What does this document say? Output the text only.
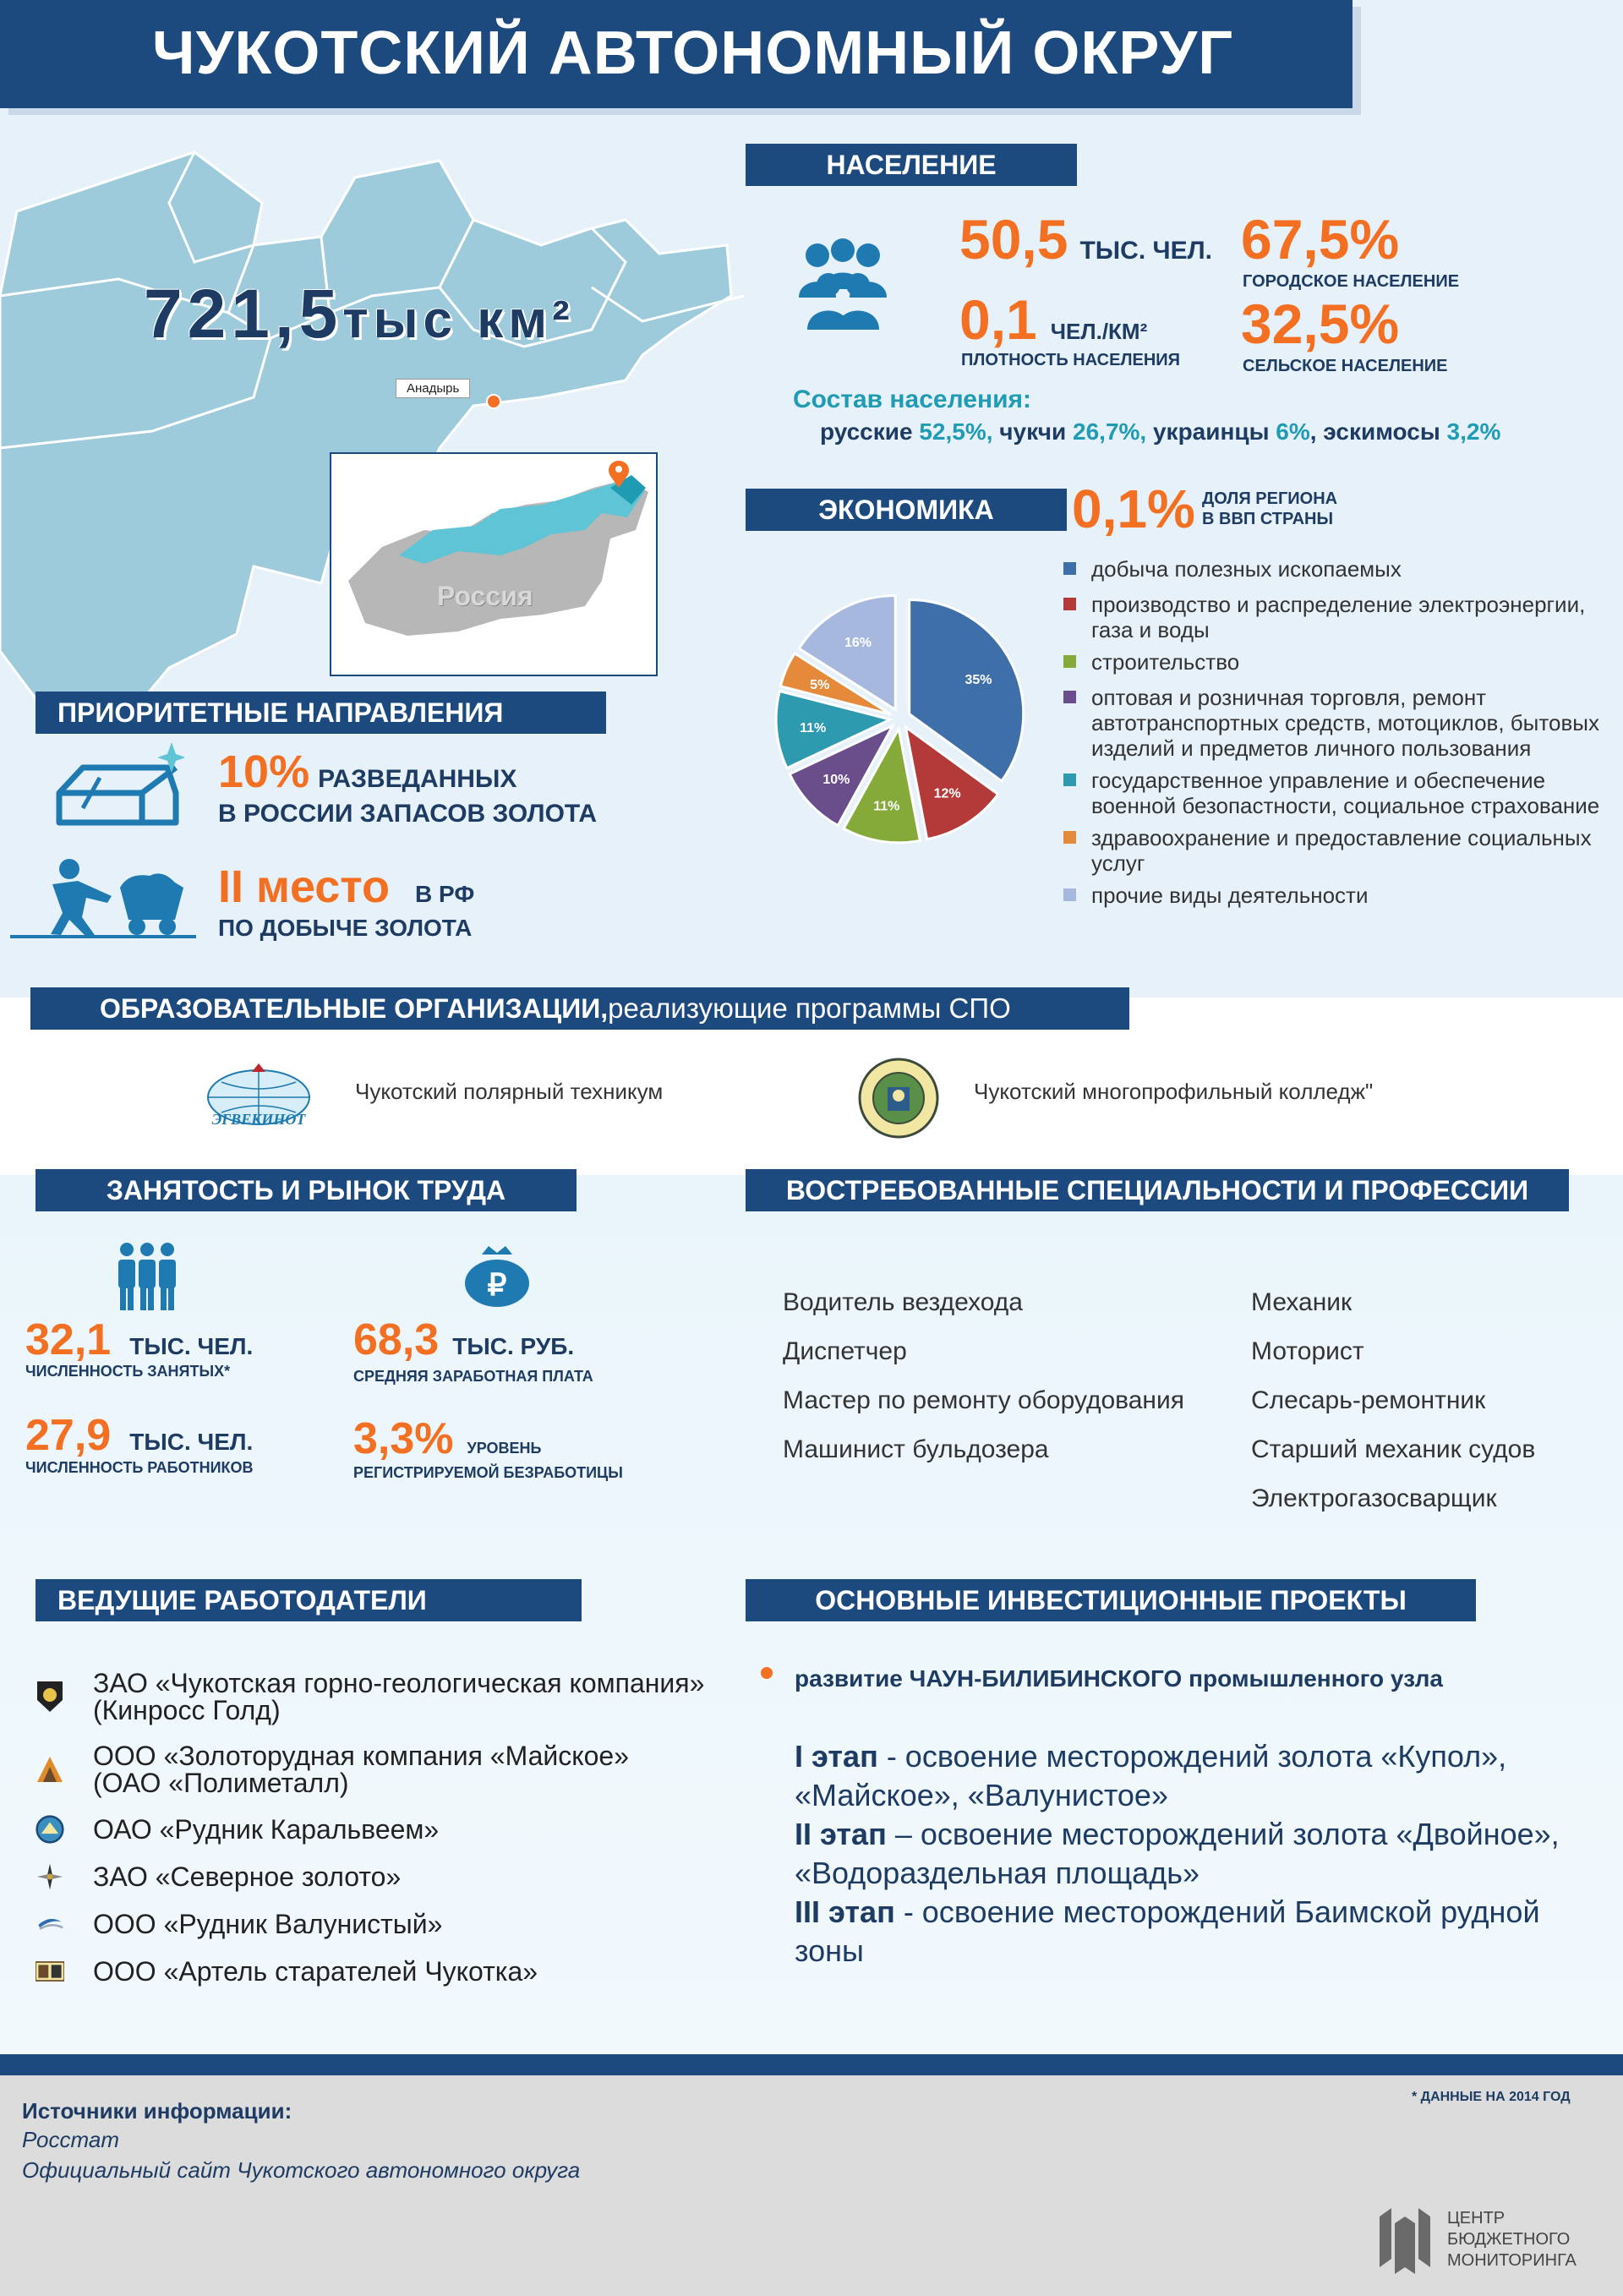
ЧУКОТСКИЙ АВТОНОМНЫЙ ОКРУГ
Анадырь
721,5тыс км²
Россия
НАСЕЛЕНИЕ
50,5 ТЫС. ЧЕЛ.
0,1 ЧЕЛ./КМ²
ПЛОТНОСТЬ НАСЕЛЕНИЯ
67,5%
ГОРОДСКОЕ НАСЕЛЕНИЕ
32,5%
СЕЛЬСКОЕ НАСЕЛЕНИЕ
Состав населения:
русские 52,5%, чукчи 26,7%, украинцы 6%, эскимосы 3,2%
ЭКОНОМИКА	0,1% ДОЛЯ РЕГИОНА
В ВВП СТРАНЫ
35%
12%
11%
10%
11%
5%
16%
добыча полезных ископаемых
производство и распределение электроэнергии, газа и воды
строительство
оптовая и розничная торговля, ремонт автотранспортных средств, мотоциклов, бытовых изделий и предметов личного пользования
государственное управление и обеспечение военной безопастности, социальное страхование
здравоохранение и предоставление социальных услуг
прочие виды деятельности
ПРИОРИТЕТНЫЕ НАПРАВЛЕНИЯ
10% РАЗВЕДАННЫХ
В РОССИИ ЗАПАСОВ ЗОЛОТА
II место В РФ
ПО ДОБЫЧЕ ЗОЛОТА
ОБРАЗОВАТЕЛЬНЫЕ ОРГАНИЗАЦИИ, реализующие программы СПО
ЭГВЕКИНОТ
Чукотский полярный техникум	Чукотский многопрофильный колледж"
ЗАНЯТОСТЬ И РЫНОК ТРУДА
₽
32,1 ТЫС. ЧЕЛ.
ЧИСЛЕННОСТЬ ЗАНЯТЫХ*
27,9 ТЫС. ЧЕЛ.
ЧИСЛЕННОСТЬ РАБОТНИКОВ
68,3 ТЫС. РУБ.
СРЕДНЯЯ ЗАРАБОТНАЯ ПЛАТА
3,3% УРОВЕНЬ
РЕГИСТРИРУЕМОЙ БЕЗРАБОТИЦЫ
ВОСТРЕБОВАННЫЕ СПЕЦИАЛЬНОСТИ И ПРОФЕССИИ
Водитель вездехода
Диспетчер
Мастер по ремонту оборудования
Машинист бульдозера
Механик
Моторист
Слесарь-ремонтник
Старший механик судов
Электрогазосварщик
ВЕДУЩИЕ РАБОТОДАТЕЛИ
ЗАО «Чукотская горно-геологическая компания»
(Кинросс Голд)
ООО «Золоторудная компания «Майское»
(ОАО «Полиметалл)
ОАО «Рудник Каральвеем»
ЗАО «Северное золото»
ООО «Рудник Валунистый»
ООО «Артель старателей Чукотка»
ОСНОВНЫЕ ИНВЕСТИЦИОННЫЕ ПРОЕКТЫ
развитие ЧАУН-БИЛИБИНСКОГО промышленного узла
I этап - освоение месторождений золота «Купол», «Майское», «Валунистое»
II этап – освоение месторождений золота «Двойное», «Водораздельная площадь»
III этап - освоение месторождений Баимской рудной зоны
Источники информации:
Росстат
Официальный сайт Чукотского автономного округа
* ДАННЫЕ НА 2014 ГОД
ЦЕНТР
БЮДЖЕТНОГО
МОНИТОРИНГА
